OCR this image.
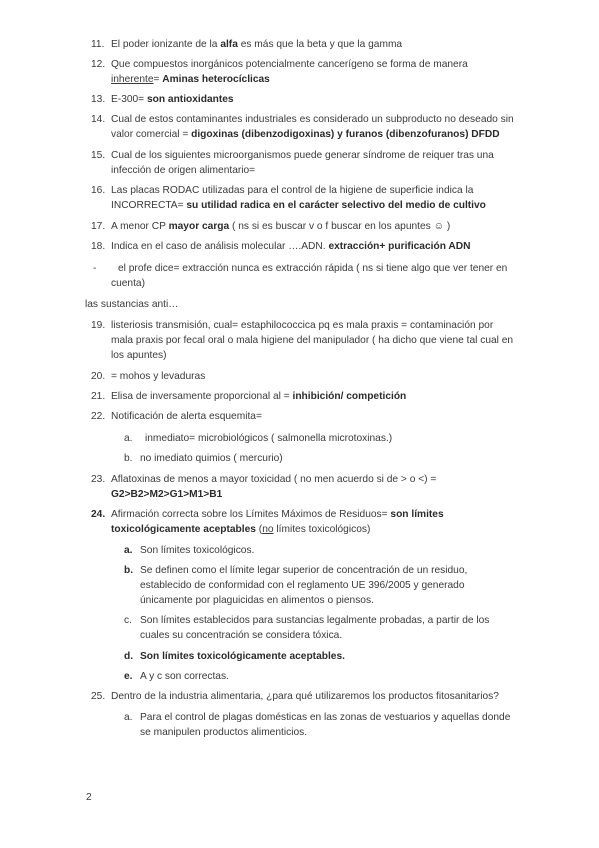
11. El poder ionizante de la alfa es más que la beta y que la gamma
12. Que compuestos inorgánicos potencialmente cancerígeno se forma de manera
inherente= Aminas heterocíclicas
13. E-300= son antioxidantes
14. Cual de estos contaminantes industriales es considerado un subproducto no deseado sin
valor comercial = digoxinas (dibenzodigoxinas) y furanos (dibenzofuranos) DFDD
15. Cual de los siguientes microorganismos puede generar síndrome de reiquer tras una
infección de origen alimentario=
16. Las placas RODAC utilizadas para el control de la higiene de superficie indica la
INCORRECTA= su utilidad radica en el carácter selectivo del medio de cultivo
17. A menor CP mayor carga ( ns si es buscar v o f buscar en los apuntes ☺ )
18. Indica en el caso de análisis molecular ….ADN. extracción+ purificación ADN
- el profe dice= extracción nunca es extracción rápida ( ns si tiene algo que ver tener en
cuenta)
las sustancias anti…
19. listeriosis transmisión, cual= estaphilococcica pq es mala praxis = contaminación por
mala praxis por fecal oral o mala higiene del manipulador ( ha dicho que viene tal cual en
los apuntes)
20. = mohos y levaduras
21. Elisa de inversamente proporcional al = inhibición/ competición
22. Notificación de alerta esquemita=
a. inmediato= microbiológicos ( salmonella microtoxinas.)
b. no imediato quimios ( mercurio)
23. Aflatoxinas de menos a mayor toxicidad ( no men acuerdo si de > o <) =
G2>B2>M2>G1>M1>B1
24. Afirmación correcta sobre los Límites Máximos de Residuos= son límites
toxicológicamente aceptables (no límites toxicológicos)
a. Son límites toxicológicos.
b. Se definen como el límite legar superior de concentración de un residuo,
establecido de conformidad con el reglamento UE 396/2005 y generado
únicamente por plaguicidas en alimentos o piensos.
c. Son límites establecidos para sustancias legalmente probadas, a partir de los
cuales su concentración se considera tóxica.
d. Son límites toxicológicamente aceptables.
e. A y c son correctas.
25. Dentro de la industria alimentaria, ¿para qué utilizaremos los productos fitosanitarios?
a. Para el control de plagas domésticas en las zonas de vestuarios y aquellas donde
se manipulen productos alimenticios.
2
